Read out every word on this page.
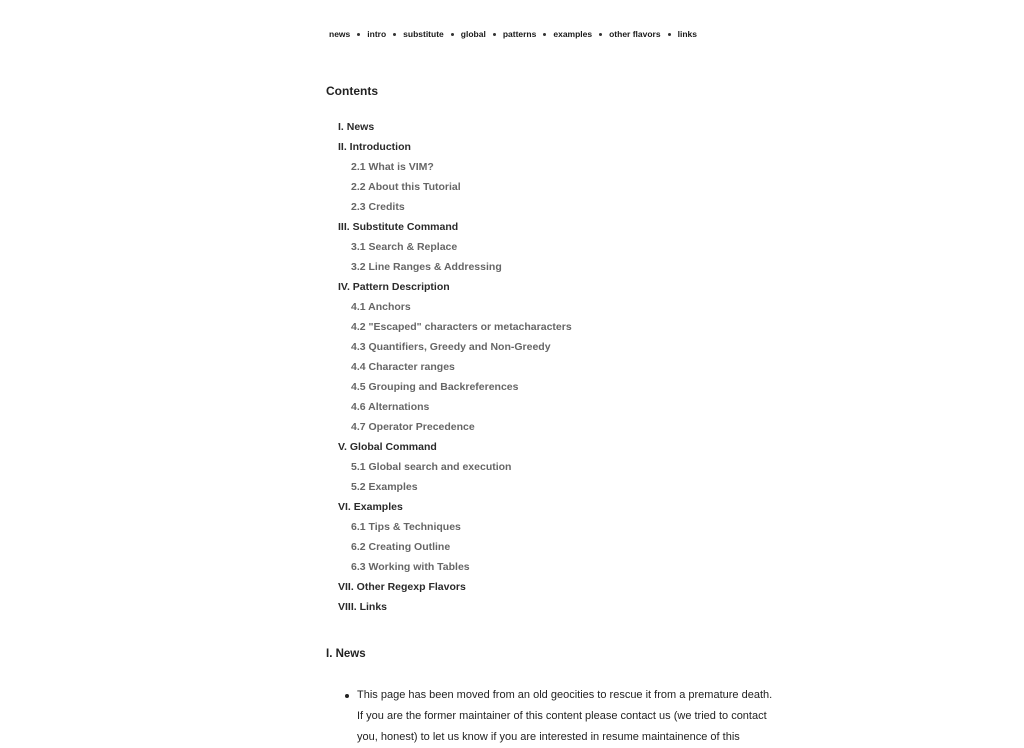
news intro substitute global patterns examples other flavors links
Contents
I. News
II. Introduction
2.1 What is VIM?
2.2 About this Tutorial
2.3 Credits
III. Substitute Command
3.1 Search & Replace
3.2 Line Ranges & Addressing
IV. Pattern Description
4.1 Anchors
4.2 "Escaped" characters or metacharacters
4.3 Quantifiers, Greedy and Non-Greedy
4.4 Character ranges
4.5 Grouping and Backreferences
4.6 Alternations
4.7 Operator Precedence
V. Global Command
5.1 Global search and execution
5.2 Examples
VI. Examples
6.1 Tips & Techniques
6.2 Creating Outline
6.3 Working with Tables
VII. Other Regexp Flavors
VIII. Links
I. News
This page has been moved from an old geocities to rescue it from a premature death.
If you are the former maintainer of this content please contact us (we tried to contact
you, honest) to let us know if you are interested in resume maintainence of this
